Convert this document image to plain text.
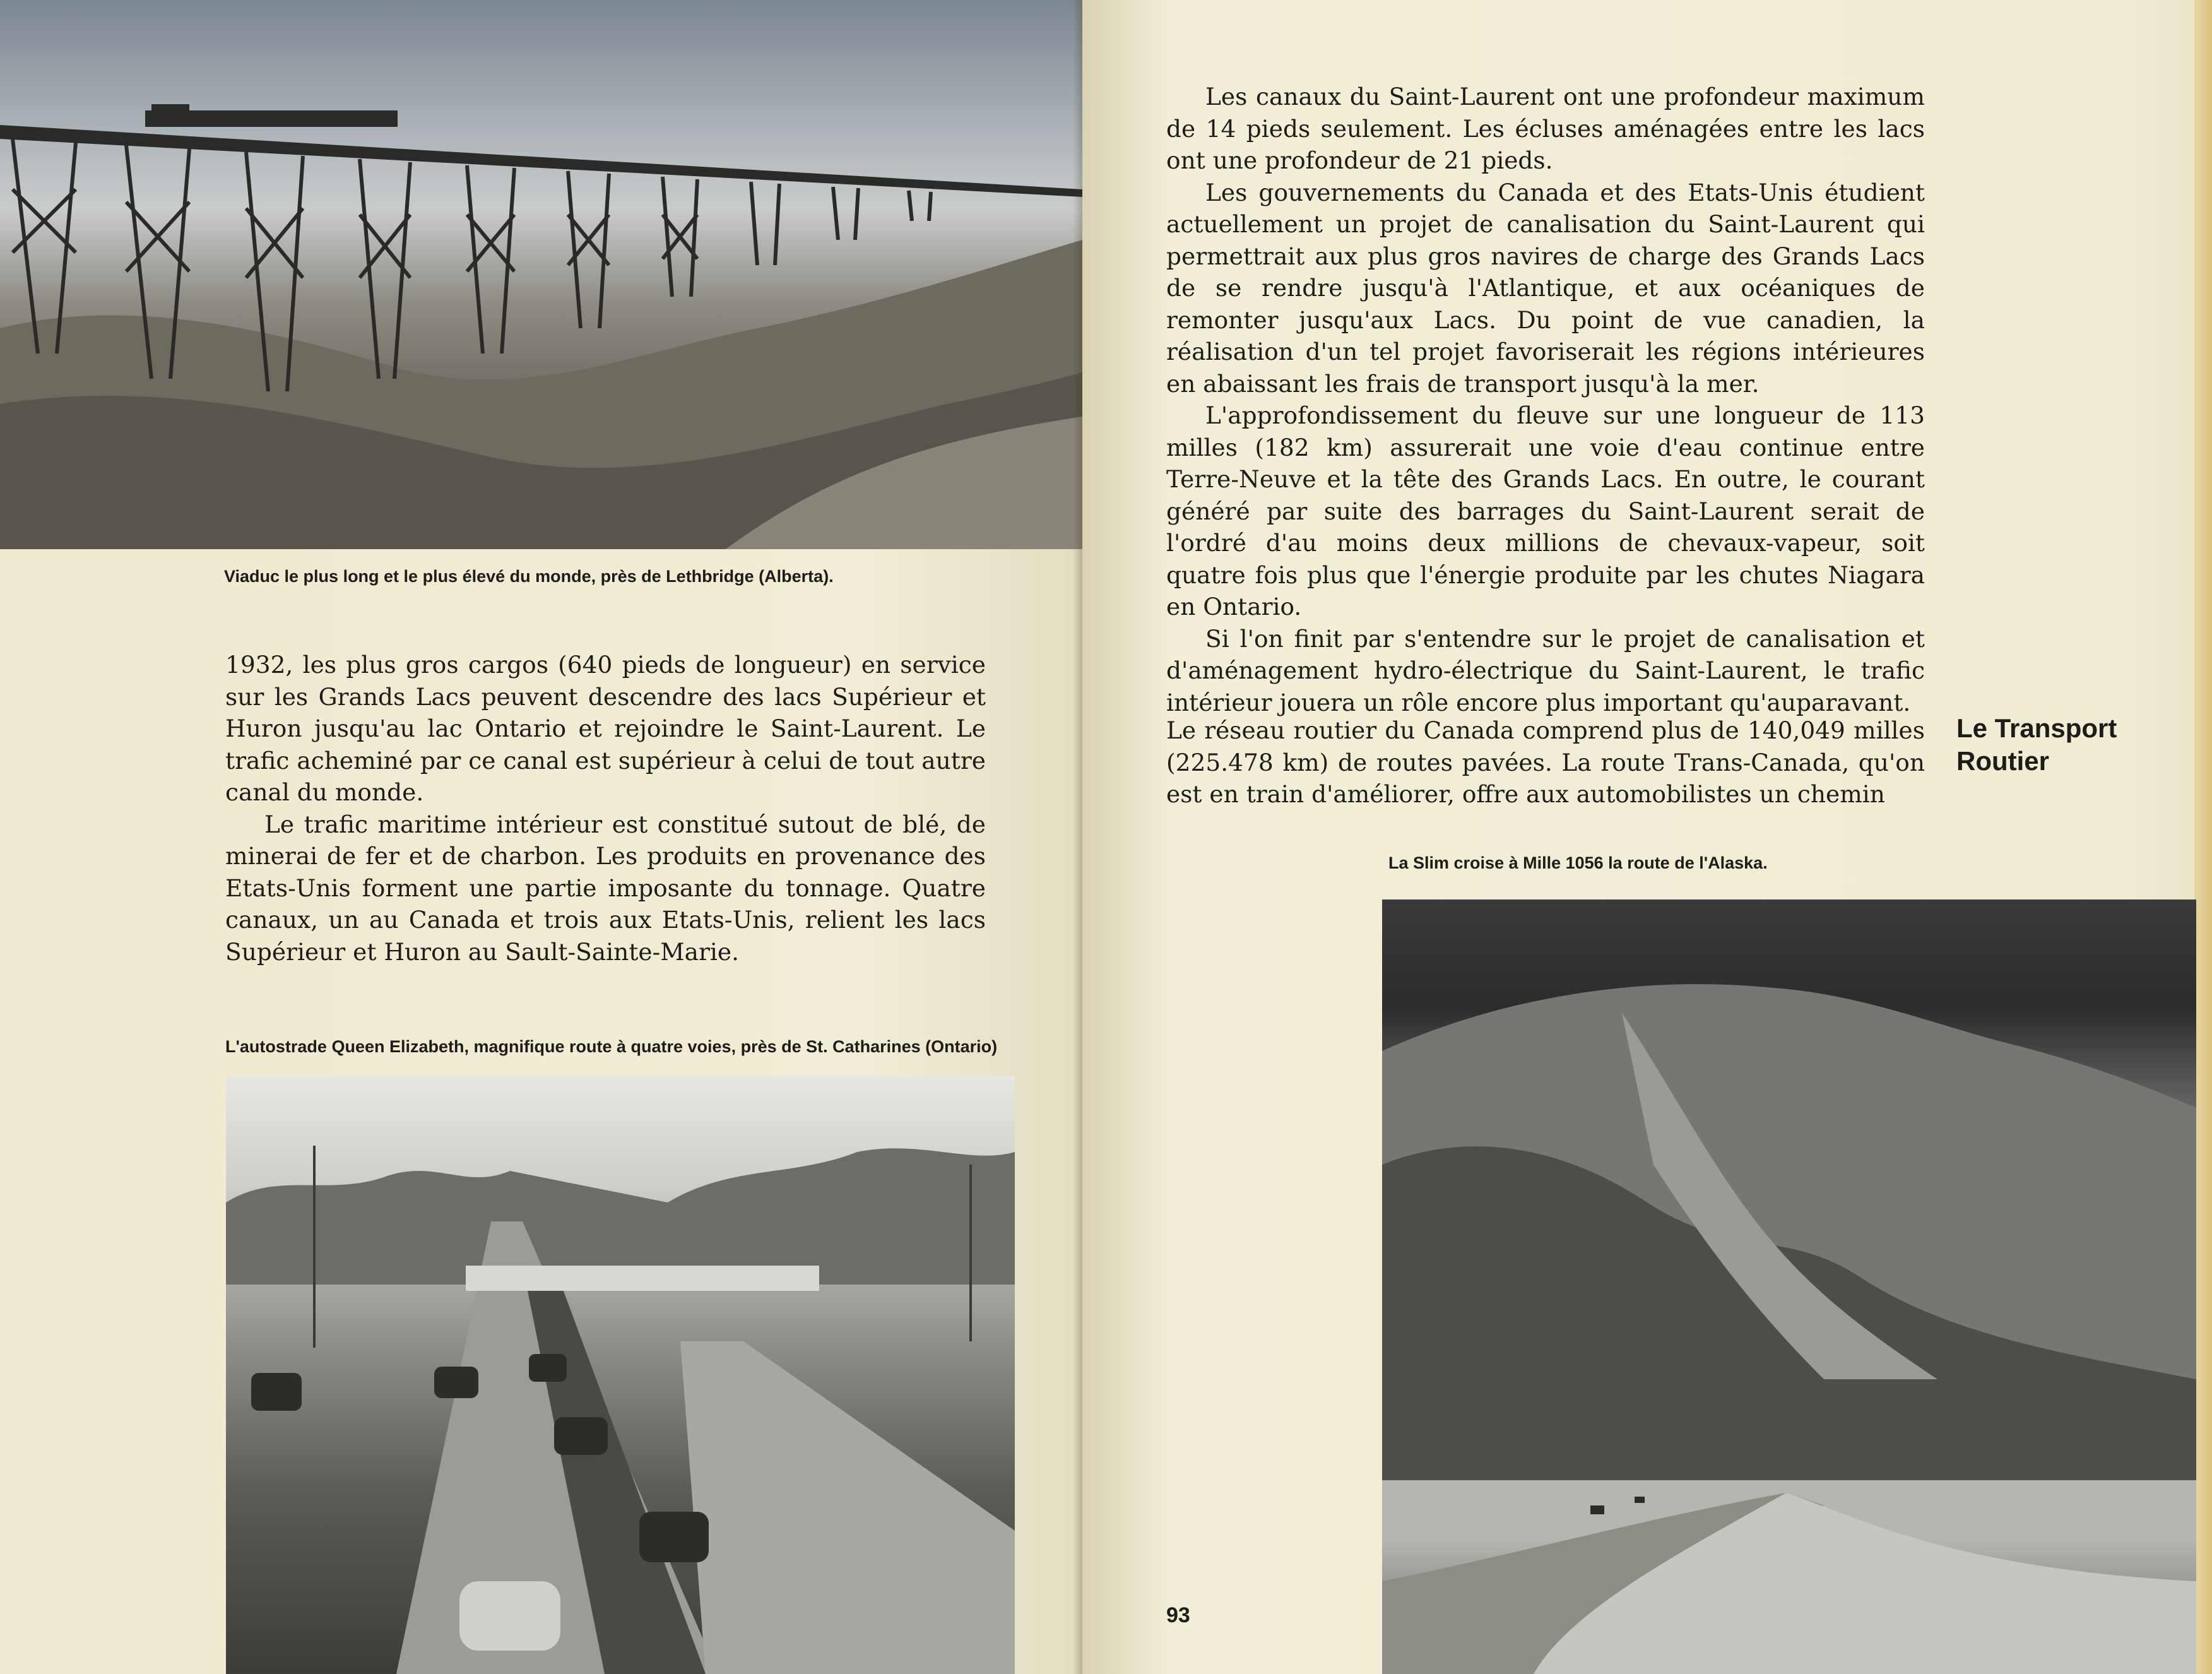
Viaduc le plus long et le plus élevé du monde, près de Lethbridge (Alberta).

1932, les plus gros cargos (640 pieds de longueur) en service sur les Grands Lacs peuvent descendre des lacs Supérieur et Huron jusqu'au lac Ontario et rejoindre le Saint-Laurent. Le trafic acheminé par ce canal est supérieur à celui de tout autre canal du monde.

Le trafic maritime intérieur est constitué sutout de blé, de minerai de fer et de charbon. Les produits en provenance des Etats-Unis forment une partie imposante du tonnage. Quatre canaux, un au Canada et trois aux Etats-Unis, relient les lacs Supérieur et Huron au Sault-Sainte-Marie.

L'autostrade Queen Elizabeth, magnifique route à quatre voies, près de St. Catharines (Ontario)

Les canaux du Saint-Laurent ont une profondeur maximum de 14 pieds seulement. Les écluses aménagées entre les lacs ont une profondeur de 21 pieds.

Les gouvernements du Canada et des Etats-Unis étudient actuellement un projet de canalisation du Saint-Laurent qui permettrait aux plus gros navires de charge des Grands Lacs de se rendre jusqu'à l'Atlantique, et aux océaniques de remonter jusqu'aux Lacs. Du point de vue canadien, la réalisation d'un tel projet favoriserait les régions intérieures en abaissant les frais de transport jusqu'à la mer.

L'approfondissement du fleuve sur une longueur de 113 milles (182 km) assurerait une voie d'eau continue entre Terre-Neuve et la tête des Grands Lacs. En outre, le courant généré par suite des barrages du Saint-Laurent serait de l'ordré d'au moins deux millions de chevaux-vapeur, soit quatre fois plus que l'énergie produite par les chutes Niagara en Ontario.

Si l'on finit par s'entendre sur le projet de canalisation et d'aménagement hydro-électrique du Saint-Laurent, le trafic intérieur jouera un rôle encore plus important qu'auparavant.

Le Transport
Routier

Le réseau routier du Canada comprend plus de 140,049 milles (225.478 km) de routes pavées. La route Trans-Canada, qu'on est en train d'améliorer, offre aux automobilistes un chemin

La Slim croise à Mille 1056 la route de l'Alaska.

93
